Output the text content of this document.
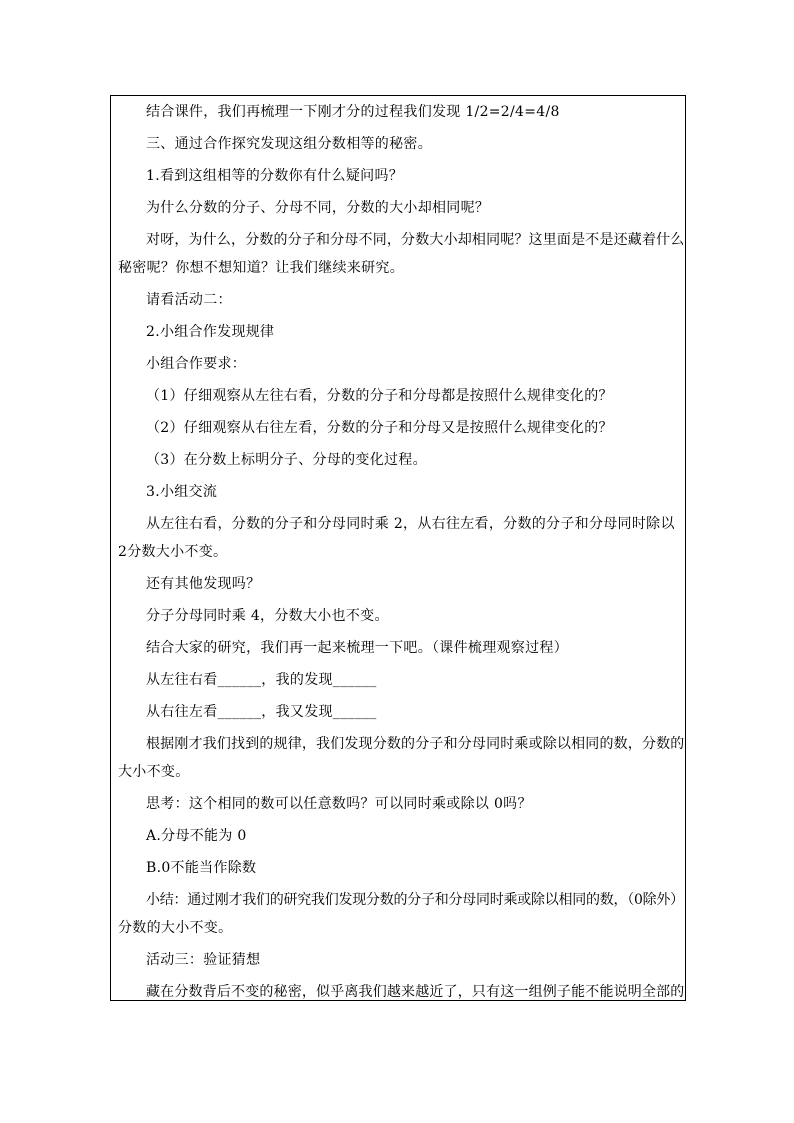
结合课件，我们再梳理一下刚才分的过程我们发现 1/2=2/4=4/8
三、通过合作探究发现这组分数相等的秘密。
1.看到这组相等的分数你有什么疑问吗？
为什么分数的分子、分母不同，分数的大小却相同呢？
对呀，为什么，分数的分子和分母不同，分数大小却相同呢？这里面是不是还藏着什么
秘密呢？你想不想知道？让我们继续来研究。
请看活动二：
2.小组合作发现规律
小组合作要求：
（1）仔细观察从左往右看，分数的分子和分母都是按照什么规律变化的？
（2）仔细观察从右往左看，分数的分子和分母又是按照什么规律变化的？
（3）在分数上标明分子、分母的变化过程。
3.小组交流
从左往右看，分数的分子和分母同时乘 2，从右往左看，分数的分子和分母同时除以
2分数大小不变。
还有其他发现吗？
分子分母同时乘 4，分数大小也不变。
结合大家的研究，我们再一起来梳理一下吧。（课件梳理观察过程）
从左往右看______，我的发现______
从右往左看______，我又发现______
根据刚才我们找到的规律，我们发现分数的分子和分母同时乘或除以相同的数，分数的
大小不变。
思考：这个相同的数可以任意数吗？可以同时乘或除以 0吗？
A.分母不能为 0
B.0不能当作除数
小结：通过刚才我们的研究我们发现分数的分子和分母同时乘或除以相同的数，（0除外）
分数的大小不变。
活动三：验证猜想
藏在分数背后不变的秘密，似乎离我们越来越近了，只有这一组例子能不能说明全部的
